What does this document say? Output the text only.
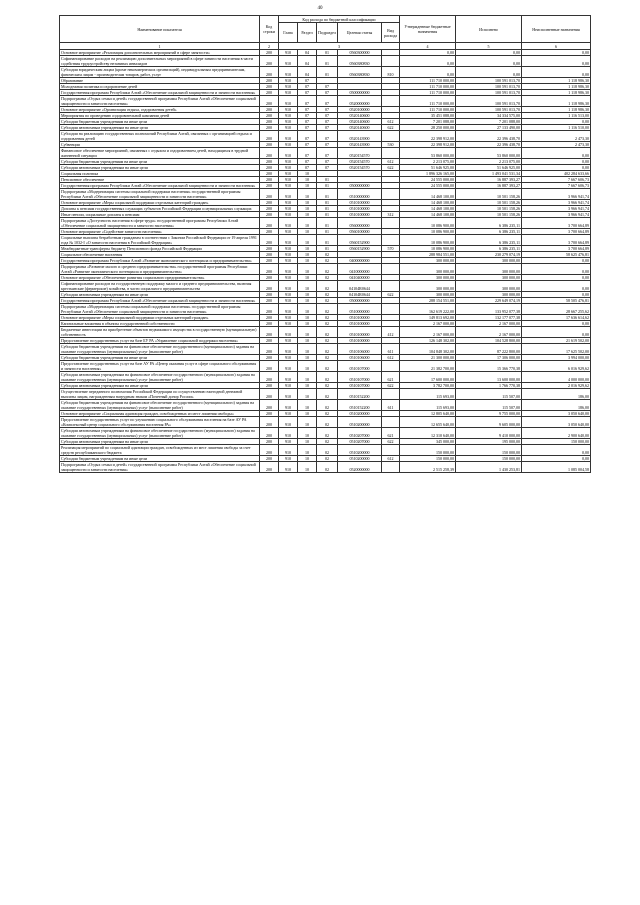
40
Наименование показателя	Код строки	Код расхода по бюджетной классификации					Утвержденные бюджетные назначения	Исполнено	Неисполненные назначения
		Глава	Раздел	Подраздел	Целевая статья	Вид расхода			
1	2	3					4	5	6
Основное мероприятие «Реализация дополнительных мероприятий в сфере занятости»	200	910	04	01	0560300000		0,00	0,00	0,00
Софинансирование расходов на реализацию дополнительных мероприятий в сфере занятости населения в части содействия трудоустройству незанятых инвалидов	200	910	04	01	0560380830		0,00	0,00	0,00
Субсидии юридическим лицам (кроме некоммерческих организаций), индивидуальным предпринимателям, физическим лицам - производителям товаров, работ, услуг	200	910	04	01	0560380830	810	0,00	0,00	0,00
Образование	200	910	07				111 710 000,00	100 591 013,70	1 118 986,30
Молодежная политика и оздоровление детей	200	910	07	07			111 710 000,00	100 591 013,70	1 118 986,30
Государственная программа Республики Алтай «Обеспечение социальной защищенности и занятости населения»	200	910	07	07	0500000000		111 710 000,00	100 591 013,70	1 118 986,30
Подпрограмма «Отдых семьи и детей» государственной программы Республики Алтай «Обеспечение социальной защищенности и занятости населения»	200	910	07	07	0520000000		111 710 000,00	100 591 013,70	1 118 986,30
Основное мероприятие «Организация отдыха, оздоровления детей»	200	910	07	07	0520100000		111 710 000,00	100 591 013,70	1 118 986,30
Мероприятия по проведению оздоровительной кампании детей	200	910	07	07	0520140600		35 451 088,00	34 334 575,00	1 116 513,00
Субсидии бюджетным учреждениям на иные цели	200	910	07	07	0520140600	612	7 201 088,00	7 201 088,00	0,00
Субсидии автономным учреждениям на иные цели	200	910	07	07	0520140600	622	28 250 000,00	27 133 490,00	1 116 510,00
Субсидии на реализацию государственных полномочий Республики Алтай, связанных с организацией отдыха и оздоровления детей	200	910	07	07	0520143900		22 398 912,00	22 396 438,70	2 473,30
Субвенции	200	910	07	07	0520143900	530	22 398 912,00	22 396 438,70	2 473,30
Финансовое обеспечение мероприятий, связанных с отдыхом и оздоровлением детей, находящихся в трудной жизненной ситуации	200	910	07	07	0520154570		53 860 000,00	53 860 000,00	0,00
Субсидии бюджетным учреждениям на иные цели	200	910	07	07	0520154570	612	2 213 075,00	2 213 075,00	0,00
Субсидии автономным учреждениям на иные цели	200	910	07	07	0520154570	622	51 646 925,00	51 646 925,00	0,00
Социальная политика	200	910	10				1 896 326 165,00	1 493 041 531,34	402 284 633,66
Пенсионное обеспечение	200	910	10	01			24 555 000,00	16 887 393,27	7 667 606,73
Государственная программа Республики Алтай «Обеспечение социальной защищенности и занятости населения»	200	910	10	01	0500000000		24 555 000,00	16 887 393,27	7 667 606,73
Подпрограмма «Модернизация системы социальной поддержки населения» государственной программы Республики Алтай «Обеспечение социальной защищенности и занятости населения»	200	910	10	01	0510000000		14 468 100,00	10 501 158,26	3 966 941,74
Основное мероприятие «Меры социальной поддержки отдельных категорий граждан»	200	910	10	01	0510100000		14 468 100,00	10 501 158,26	3 966 941,74
Доплаты к пенсиям государственных служащих субъектов Российской Федерации и муниципальных служащих	200	910	10	01	0510100000		14 468 100,00	10 501 158,26	3 966 941,74
Иные пенсии, социальные доплаты к пенсиям	200	910	10	01	0510100000	312	14 468 100,00	10 501 158,26	3 966 941,74
Подпрограмма «Доступность населения в сфере труда» государственной программы Республики Алтай «Обеспечение социальной защищенности и занятости населения»	200	910	10	01	0560000000		10 086 900,00	6 386 235,11	3 700 664,89
Основное мероприятие «Содействие занятости населения»	200	910	10	01	0560100000		10 086 900,00	6 386 235,11	3 700 664,89
Социальные выплаты безработным гражданам в соответствии с Законом Российской Федерации от 19 апреля 1991 года № 1032-I «О занятости населения в Российской Федерации»	200	910	10	01	0560152900		10 086 900,00	6 386 235,11	3 700 664,89
Межбюджетные трансферты бюджету Пенсионного фонда Российской Федерации	200	910	10	01	0560152900	570	10 086 900,00	6 386 235,11	3 700 664,89
Социальное обеспечение населения	200	910	10	02			288 984 551,00	230 279 074,19	58 625 476,81
Государственная программа Республики Алтай «Развитие экономического потенциала и предпринимательства»	200	910	10	02	0400000000		300 000,00	300 000,00	0,00
Подпрограмма «Развитие малого и среднего предпринимательства» государственной программы Республики Алтай «Развитие экономического потенциала и предпринимательства»	200	910	10	02	0410000000		300 000,00	300 000,00	0,00
Основное мероприятие «Обеспечение развития социального предпринимательства»	200	910	10	02	0410400000		300 000,00	300 000,00	0,00
Софинансирование расходов на государственную поддержку малого и среднего предпринимательства, включая крестьянские (фермерские) хозяйства, в части социального предпринимательства	200	910	10	02	04104R0644		300 000,00	300 000,00	0,00
Субсидии автономным учреждениям на иные цели	200	910	10	02	04104R0644	622	300 000,00	300 000,00	0,00
Государственная программа Республики Алтай «Обеспечение социальной защищенности и занятости населения»	200	910	10	02	0500000000		288 154 551,00	229 649 074,19	58 505 476,81
Подпрограмма «Модернизация системы социальной поддержки населения» государственной программы Республики Алтай «Обеспечение социальной защищенности и занятости населения»	200	910	10	02	0510000000		162 619 222,00	133 952 077,38	28 667 255,62
Основное мероприятие «Меры социальной поддержки отдельных категорий граждан»	200	910	10	02	0510100000		149 813 692,00	132 177 077,38	17 636 614,62
Капитальные вложения в объекты государственной собственности	200	910	10	02	0510100000		2 167 000,00	2 167 000,00	0,00
Бюджетные инвестиции на приобретение объектов недвижимого имущества в государственную (муниципальную) собственность	200	910	10	02	0510100000	412	2 167 000,00	2 167 000,00	0,00
Предоставление государственных услуг на базе БУ РА «Управление социальной поддержки населения»	200	910	10	02	0510100000		126 148 302,00	104 528 800,00	21 619 502,00
Субсидии бюджетным учреждениям на финансовое обеспечение государственного (муниципального) задания на оказание государственных (муниципальных) услуг (выполнение работ)	200	910	10	02	0510106000	611	104 848 302,00	87 222 800,00	17 625 502,00
Субсидии бюджетным учреждениям на иные цели	200	910	10	02	0510106000	612	21 300 000,00	17 306 000,00	3 994 000,00
Предоставление государственных услуг на базе АУ РА «Центр оказания услуг в сфере социального обслуживания и занятости населения»	200	910	10	02	0510107000		21 382 700,00	15 366 770,38	6 016 929,62
Субсидии автономным учреждениям на финансовое обеспечение государственного (муниципального) задания на оказание государственных (муниципальных) услуг (выполнение работ)	200	910	10	02	0510107000	621	17 600 000,00	13 600 000,00	4 000 000,00
Субсидии автономным учреждениям на иные цели	200	910	10	02	0510107000	622	3 782 700,00	1 766 770,38	2 016 929,62
Осуществление переданного полномочия Российской Федерации по осуществлению ежегодной денежной выплаты лицам, награжденным нагрудным знаком «Почетный донор России»	200	910	10	02	0510152200		115 693,00	115 507,00	186,00
Субсидии бюджетным учреждениям на финансовое обеспечение государственного (муниципального) задания на оказание государственных (муниципальных) услуг (выполнение работ)	200	910	10	02	0510152200	611	115 693,00	115 507,00	186,00
Основное мероприятие «Социальная адаптация граждан, освобожденных из мест лишения свободы»	200	910	10	02	0510200000		12 805 640,00	9 755 000,00	3 050 640,00
Предоставление государственных услуг по улучшению социального обслуживания населения на базе АУ РА «Комплексный центр социального обслуживания населения РА»	200	910	10	02	0510200000		12 655 640,00	9 605 000,00	3 050 640,00
Субсидии автономным учреждениям на финансовое обеспечение государственного (муниципального) задания на оказание государственных (муниципальных) услуг (выполнение работ)	200	910	10	02	0510207000	621	12 310 640,00	9 410 000,00	2 900 640,00
Субсидии автономным учреждениям на иные цели	200	910	10	02	0510207000	622	345 000,00	195 000,00	150 000,00
Реализация мероприятий по социальной адаптации граждан, освобожденных из мест лишения свободы за счет средств республиканского бюджета	200	910	10	02	0510200000		150 000,00	150 000,00	0,00
Субсидии бюджетным учреждениям на иные цели	200	910	10	02	0510200000	612	150 000,00	150 000,00	0,00
Подпрограмма «Отдых семьи и детей» государственной программы Республики Алтай «Обеспечение социальной защищенности и занятости населения»	200	910	10	02	0520000000		2 515 258,39	1 430 253,81	1 085 004,58
